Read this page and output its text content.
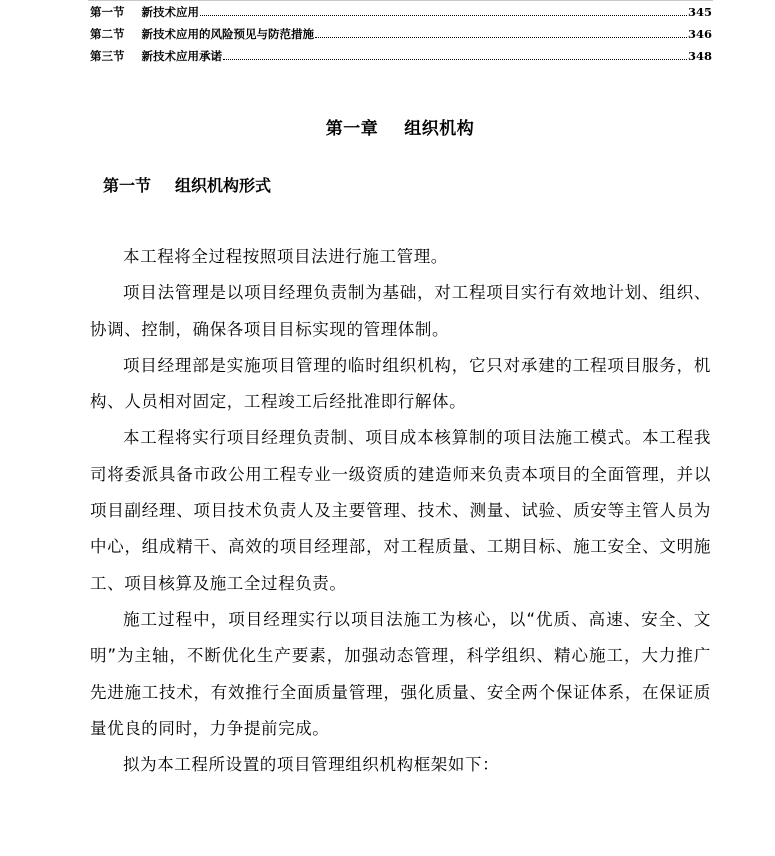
第一节 新技术应用	345
第二节 新技术应用的风险预见与防范措施	346
第三节 新技术应用承诺	348
第一章 组织机构
第一节 组织机构形式

本工程将全过程按照项目法进行施工管理。

项目法管理是以项目经理负责制为基础，对工程项目实行有效地计划、组织、协调、控制，确保各项目目标实现的管理体制。

项目经理部是实施项目管理的临时组织机构，它只对承建的工程项目服务，机构、人员相对固定，工程竣工后经批准即行解体。

本工程将实行项目经理负责制、项目成本核算制的项目法施工模式。本工程我司将委派具备市政公用工程专业一级资质的建造师来负责本项目的全面管理，并以项目副经理、项目技术负责人及主要管理、技术、测量、试验、质安等主管人员为中心，组成精干、高效的项目经理部，对工程质量、工期目标、施工安全、文明施工、项目核算及施工全过程负责。

施工过程中，项目经理实行以项目法施工为核心，以“优质、高速、安全、文明”为主轴，不断优化生产要素，加强动态管理，科学组织、精心施工，大力推广先进施工技术，有效推行全面质量管理，强化质量、安全两个保证体系，在保证质量优良的同时，力争提前完成。

拟为本工程所设置的项目管理组织机构框架如下：
